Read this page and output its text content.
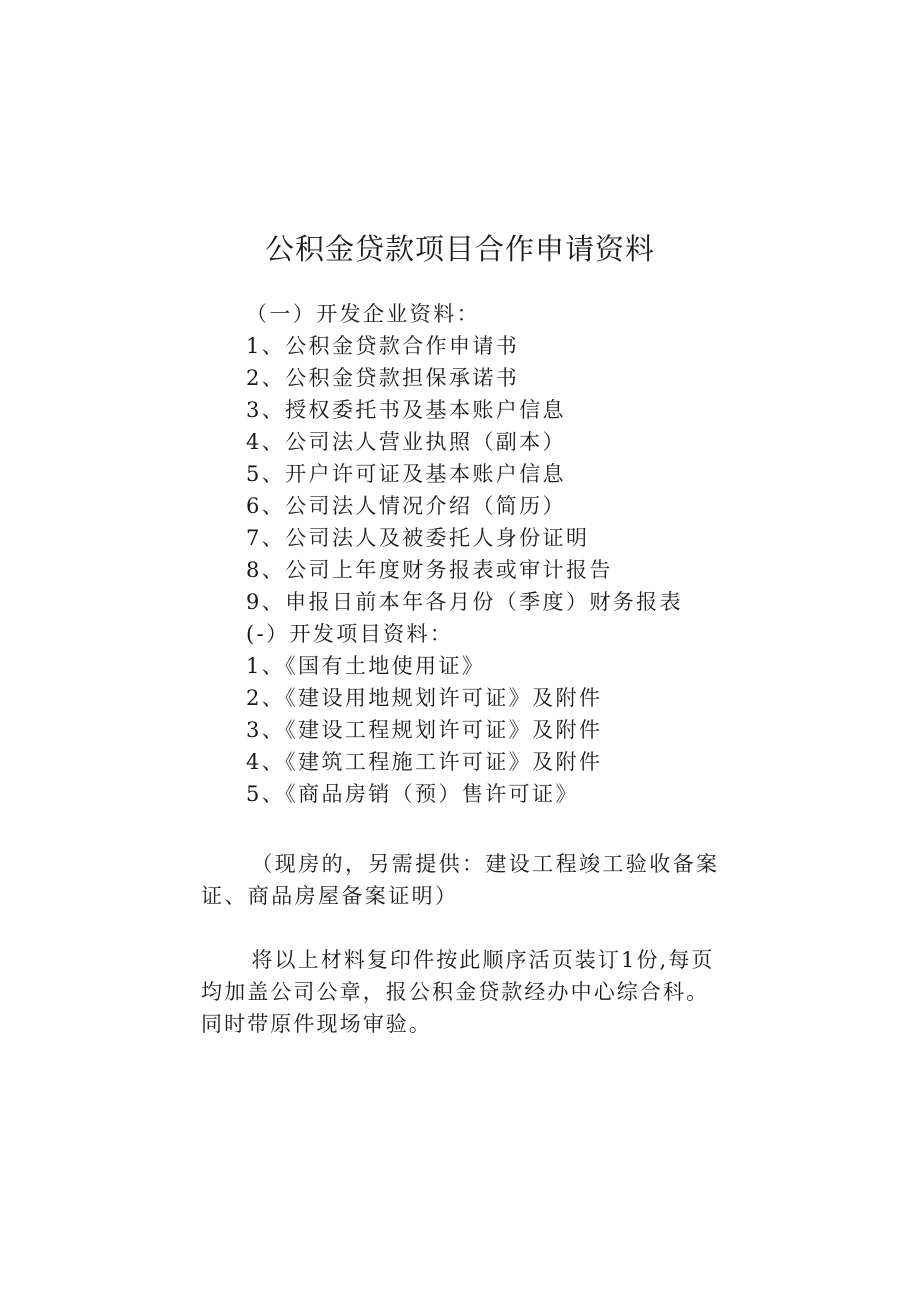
公积金贷款项目合作申请资料
（一）开发企业资料：
1、公积金贷款合作申请书
2、公积金贷款担保承诺书
3、授权委托书及基本账户信息
4、公司法人营业执照（副本）
5、开户许可证及基本账户信息
6、公司法人情况介绍（简历）
7、公司法人及被委托人身份证明
8、公司上年度财务报表或审计报告
9、申报日前本年各月份（季度）财务报表
(-）开发项目资料：
1、《国有土地使用证》
2、《建设用地规划许可证》及附件
3、《建设工程规划许可证》及附件
4、《建筑工程施工许可证》及附件
5、《商品房销（预）售许可证》

（现房的，另需提供：建设工程竣工验收备案证、商品房屋备案证明）

将以上材料复印件按此顺序活页装订1份,每页均加盖公司公章，报公积金贷款经办中心综合科。同时带原件现场审验。
